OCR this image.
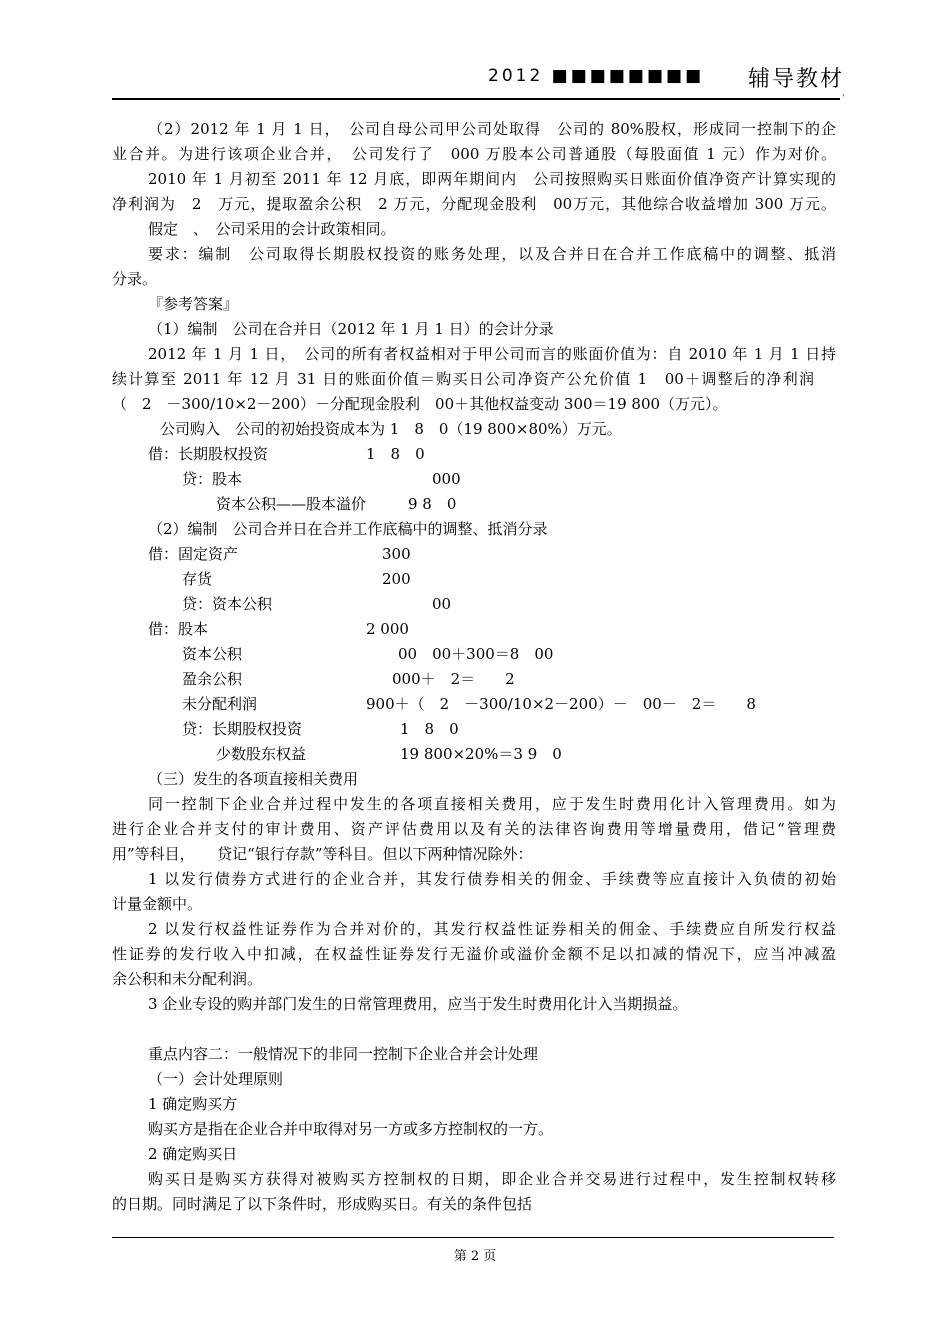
2012 ■■■■■■■■ 辅导教材
'
（2）2012 年 1 月 1 日，　公司自母公司甲公司处取得　公司的 80%股权，形成同一控制下的企
业合并。为进行该项企业合并，　公司发行了　000 万股本公司普通股（每股面值 1 元）作为对价。
2010 年 1 月初至 2011 年 12 月底，即两年期间内　公司按照购买日账面价值净资产计算实现的
净利润为　2　万元，提取盈余公积　2 万元，分配现金股利　00万元，其他综合收益增加 300 万元。
假定　、　公司采用的会计政策相同。
要求：编制　公司取得长期股权投资的账务处理，以及合并日在合并工作底稿中的调整、抵消
分录。
『参考答案』
（1）编制　公司在合并日（2012 年 1 月 1 日）的会计分录
2012 年 1 月 1 日，　公司的所有者权益相对于甲公司而言的账面价值为：自 2010 年 1 月 1 日持
续计算至 2011 年 12 月 31 日的账面价值＝购买日公司净资产公允价值 1　00＋调整后的净利润
（　2　－300/10×2－200）－分配现金股利　00＋其他权益变动 300＝19 800（万元）。
公司购入　公司的初始投资成本为 1　8　0（19 800×80%）万元。
借：长期股权投资	1　8　0
贷：股本	000
资本公积——股本溢价	9 8　0
（2）编制　公司合并日在合并工作底稿中的调整、抵消分录
借：固定资产	300
存货	200
贷：资本公积	00
借：股本	2 000
资本公积	00　00＋300＝8　00
盈余公积	000＋　2＝　　2
未分配利润	900＋（　2　－300/10×2－200）－　00－　2＝　　8
贷：长期股权投资	1　8　0
少数股东权益	19 800×20%＝3 9　0
（三）发生的各项直接相关费用
同一控制下企业合并过程中发生的各项直接相关费用，应于发生时费用化计入管理费用。如为
进行企业合并支付的审计费用、资产评估费用以及有关的法律咨询费用等增量费用，借记“管理费
用”等科目，　　贷记“银行存款”等科目。但以下两种情况除外：
1 以发行债券方式进行的企业合并，其发行债券相关的佣金、手续费等应直接计入负债的初始
计量金额中。
2 以发行权益性证券作为合并对价的，其发行权益性证券相关的佣金、手续费应自所发行权益
性证券的发行收入中扣减，在权益性证券发行无溢价或溢价金额不足以扣减的情况下，应当冲减盈
余公积和未分配利润。
3 企业专设的购并部门发生的日常管理费用，应当于发生时费用化计入当期损益。
重点内容二：一般情况下的非同一控制下企业合并会计处理
（一）会计处理原则
1 确定购买方
购买方是指在企业合并中取得对另一方或多方控制权的一方。
2 确定购买日
购买日是购买方获得对被购买方控制权的日期，即企业合并交易进行过程中，发生控制权转移
的日期。同时满足了以下条件时，形成购买日。有关的条件包括
第 2 页
